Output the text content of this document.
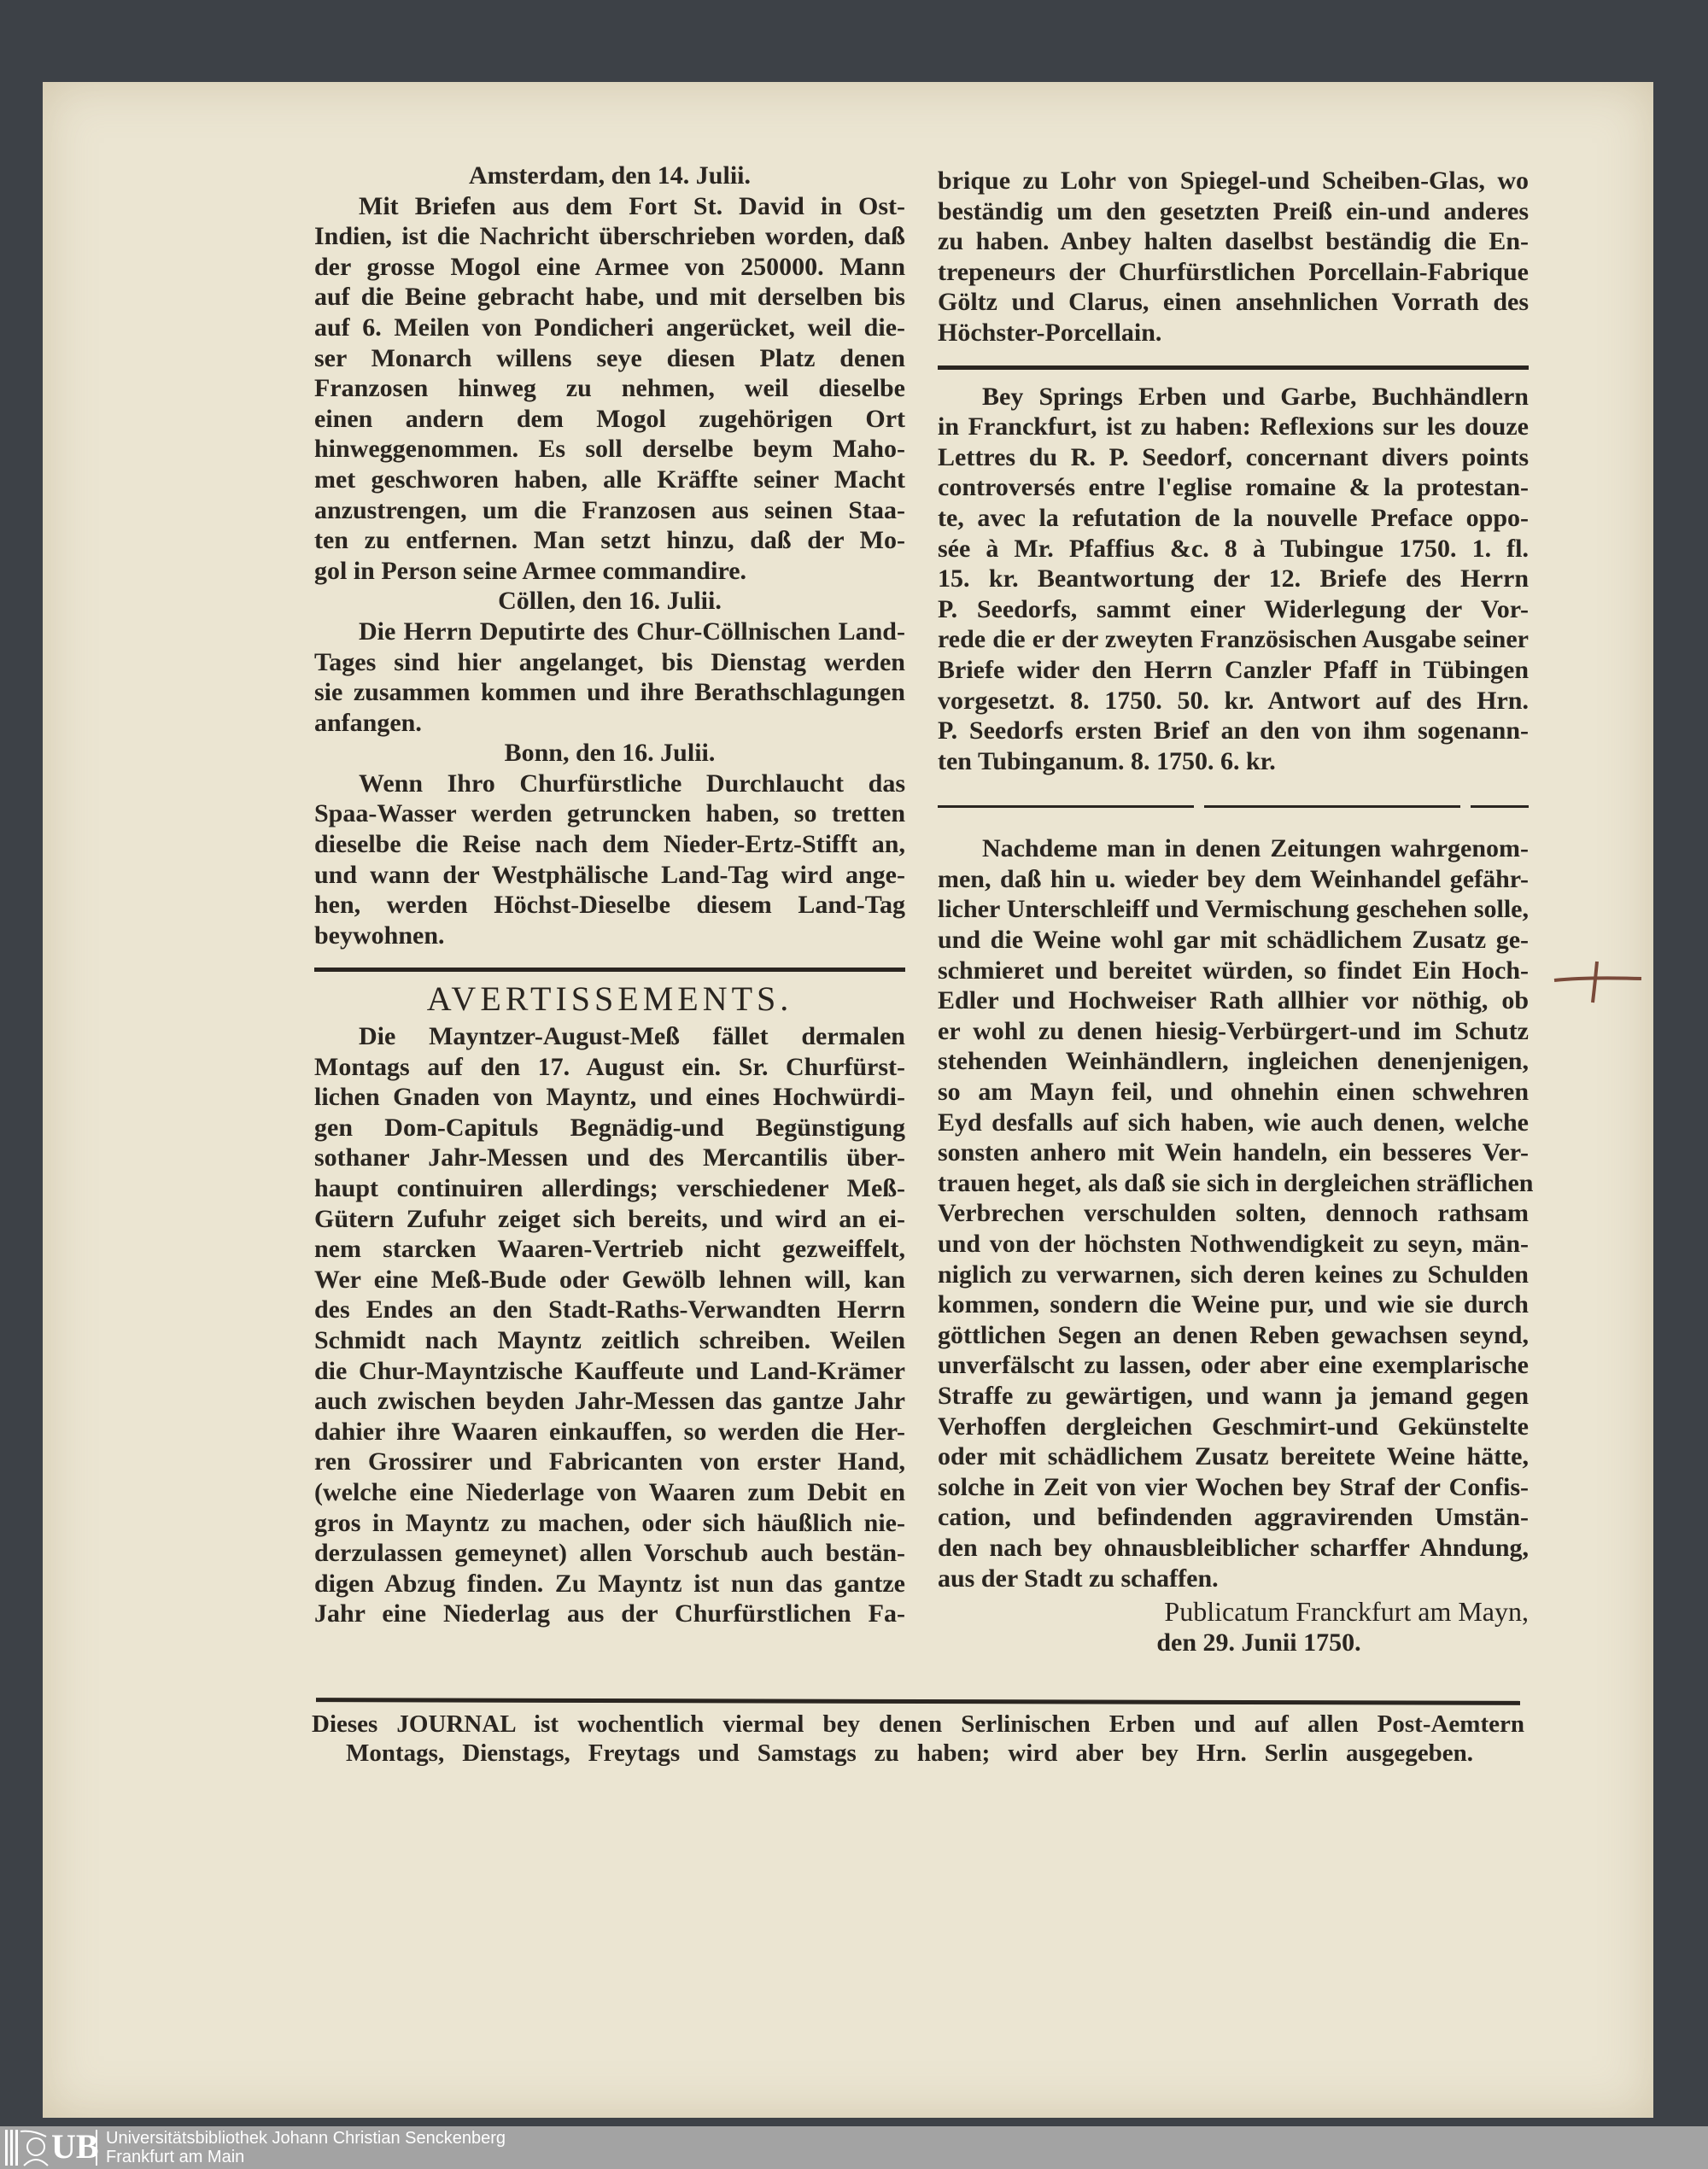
Amsterdam, den 14. Julii.
Mit Briefen aus dem Fort St. David in Ost-
Indien, ist die Nachricht überschrieben worden, daß
der grosse Mogol eine Armee von 250000. Mann
auf die Beine gebracht habe, und mit derselben bis
auf 6. Meilen von Pondicheri angerücket, weil die-
ser Monarch willens seye diesen Platz denen
Franzosen hinweg zu nehmen, weil dieselbe
einen andern dem Mogol zugehörigen Ort
hinweggenommen. Es soll derselbe beym Maho-
met geschworen haben, alle Kräffte seiner Macht
anzustrengen, um die Franzosen aus seinen Staa-
ten zu entfernen. Man setzt hinzu, daß der Mo-
gol in Person seine Armee commandire.
Cöllen, den 16. Julii.
Die Herrn Deputirte des Chur-Cöllnischen Land-
Tages sind hier angelanget, bis Dienstag werden
sie zusammen kommen und ihre Berathschlagungen
anfangen.
Bonn, den 16. Julii.
Wenn Ihro Churfürstliche Durchlaucht das
Spaa-Wasser werden getruncken haben, so tretten
dieselbe die Reise nach dem Nieder-Ertz-Stifft an,
und wann der Westphälische Land-Tag wird ange-
hen, werden Höchst-Dieselbe diesem Land-Tag
beywohnen.
AVERTISSEMENTS.
Die Mayntzer-August-Meß fället dermalen
Montags auf den 17. August ein. Sr. Churfürst-
lichen Gnaden von Mayntz, und eines Hochwürdi-
gen Dom-Capituls Begnädig-und Begünstigung
sothaner Jahr-Messen und des Mercantilis über-
haupt continuiren allerdings; verschiedener Meß-
Gütern Zufuhr zeiget sich bereits, und wird an ei-
nem starcken Waaren-Vertrieb nicht gezweiffelt,
Wer eine Meß-Bude oder Gewölb lehnen will, kan
des Endes an den Stadt-Raths-Verwandten Herrn
Schmidt nach Mayntz zeitlich schreiben. Weilen
die Chur-Mayntzische Kauffeute und Land-Krämer
auch zwischen beyden Jahr-Messen das gantze Jahr
dahier ihre Waaren einkauffen, so werden die Her-
ren Grossirer und Fabricanten von erster Hand,
(welche eine Niederlage von Waaren zum Debit en
gros in Mayntz zu machen, oder sich häußlich nie-
derzulassen gemeynet) allen Vorschub auch bestän-
digen Abzug finden. Zu Mayntz ist nun das gantze
Jahr eine Niederlag aus der Churfürstlichen Fa-
brique zu Lohr von Spiegel-und Scheiben-Glas, wo
beständig um den gesetzten Preiß ein-und anderes
zu haben. Anbey halten daselbst beständig die En-
trepeneurs der Churfürstlichen Porcellain-Fabrique
Göltz und Clarus, einen ansehnlichen Vorrath des
Höchster-Porcellain.
Bey Springs Erben und Garbe, Buchhändlern
in Franckfurt, ist zu haben: Reflexions sur les douze
Lettres du R. P. Seedorf, concernant divers points
controversés entre l'eglise romaine & la protestan-
te, avec la refutation de la nouvelle Preface oppo-
sée à Mr. Pfaffius &c. 8 à Tubingue 1750. 1. fl.
15. kr. Beantwortung der 12. Briefe des Herrn
P. Seedorfs, sammt einer Widerlegung der Vor-
rede die er der zweyten Französischen Ausgabe seiner
Briefe wider den Herrn Canzler Pfaff in Tübingen
vorgesetzt. 8. 1750. 50. kr. Antwort auf des Hrn.
P. Seedorfs ersten Brief an den von ihm sogenann-
ten Tubinganum. 8. 1750. 6. kr.
Nachdeme man in denen Zeitungen wahrgenom-
men, daß hin u. wieder bey dem Weinhandel gefähr-
licher Unterschleiff und Vermischung geschehen solle,
und die Weine wohl gar mit schädlichem Zusatz ge-
schmieret und bereitet würden, so findet Ein Hoch-
Edler und Hochweiser Rath allhier vor nöthig, ob
er wohl zu denen hiesig-Verbürgert-und im Schutz
stehenden Weinhändlern, ingleichen denenjenigen,
so am Mayn feil, und ohnehin einen schwehren
Eyd desfalls auf sich haben, wie auch denen, welche
sonsten anhero mit Wein handeln, ein besseres Ver-
trauen heget, als daß sie sich in dergleichen sträflichen
Verbrechen verschulden solten, dennoch rathsam
und von der höchsten Nothwendigkeit zu seyn, män-
niglich zu verwarnen, sich deren keines zu Schulden
kommen, sondern die Weine pur, und wie sie durch
göttlichen Segen an denen Reben gewachsen seynd,
unverfälscht zu lassen, oder aber eine exemplarische
Straffe zu gewärtigen, und wann ja jemand gegen
Verhoffen dergleichen Geschmirt-und Gekünstelte
oder mit schädlichem Zusatz bereitete Weine hätte,
solche in Zeit von vier Wochen bey Straf der Confis-
cation, und befindenden aggravirenden Umstän-
den nach bey ohnausbleiblicher scharffer Ahndung,
aus der Stadt zu schaffen.
Publicatum Franckfurt am Mayn,
den 29. Junii 1750.
Dieses JOURNAL ist wochentlich viermal bey denen Serlinischen Erben und auf allen Post-Aemtern
Montags, Dienstags, Freytags und Samstags zu haben; wird aber bey Hrn. Serlin ausgegeben.
UB Universitätsbibliothek Johann Christian Senckenberg
Frankfurt am Main
